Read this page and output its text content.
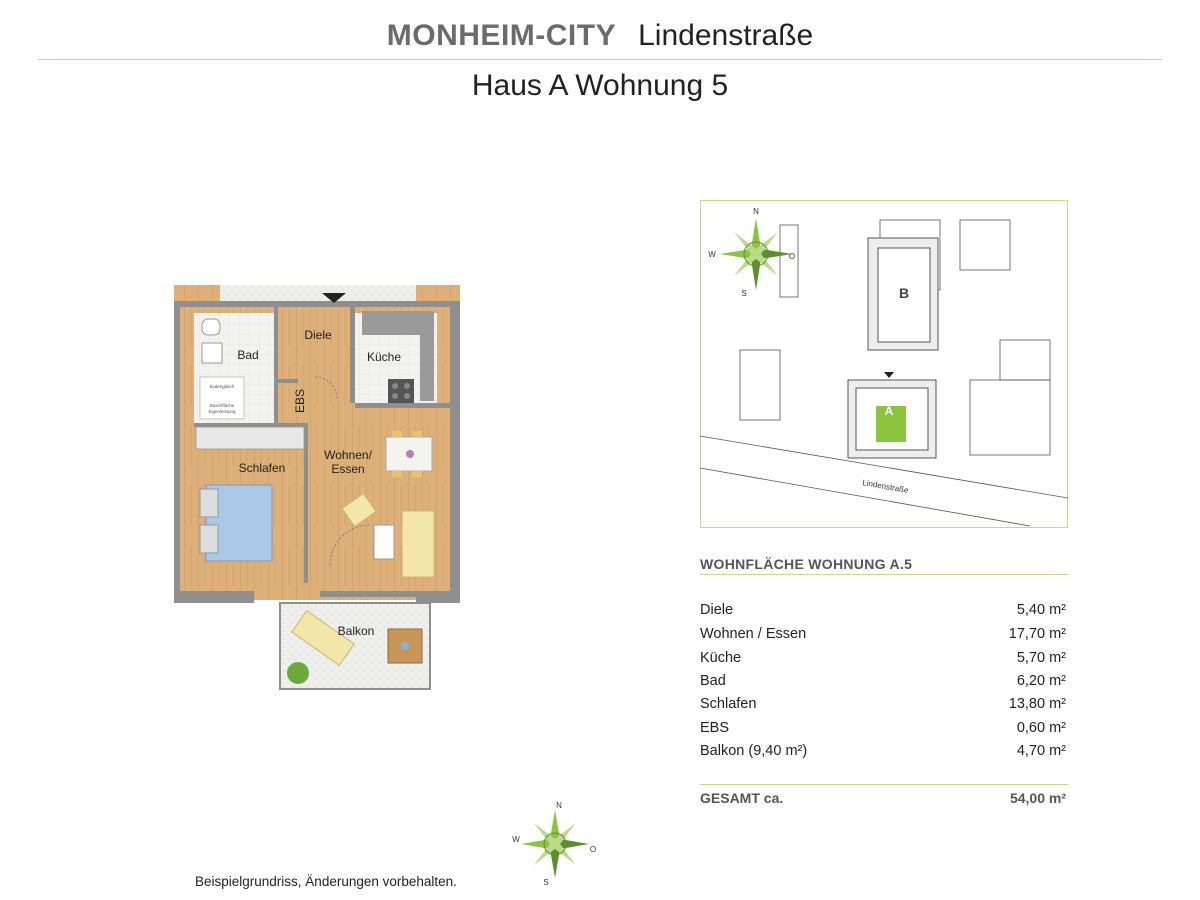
MONHEIM-CITY Lindenstraße
Haus A Wohnung 5
bodengleich
Duschfläche
Eigenleistung
Diele
Bad	Küche
Schlafen
Wohnen/
Essen
Balkon
EBS
B
A
Lindenstraße
N
W	O
S
WOHNFLÄCHE WOHNUNG A.5
Diele	5,40 m²
Wohnen / Essen	17,70 m²
Küche	5,70 m²
Bad	6,20 m²
Schlafen	13,80 m²
EBS	0,60 m²
Balkon (9,40 m²)	4,70 m²
GESAMT ca.	54,00 m²
N
W
O
S
Beispielgrundriss, Änderungen vorbehalten.
